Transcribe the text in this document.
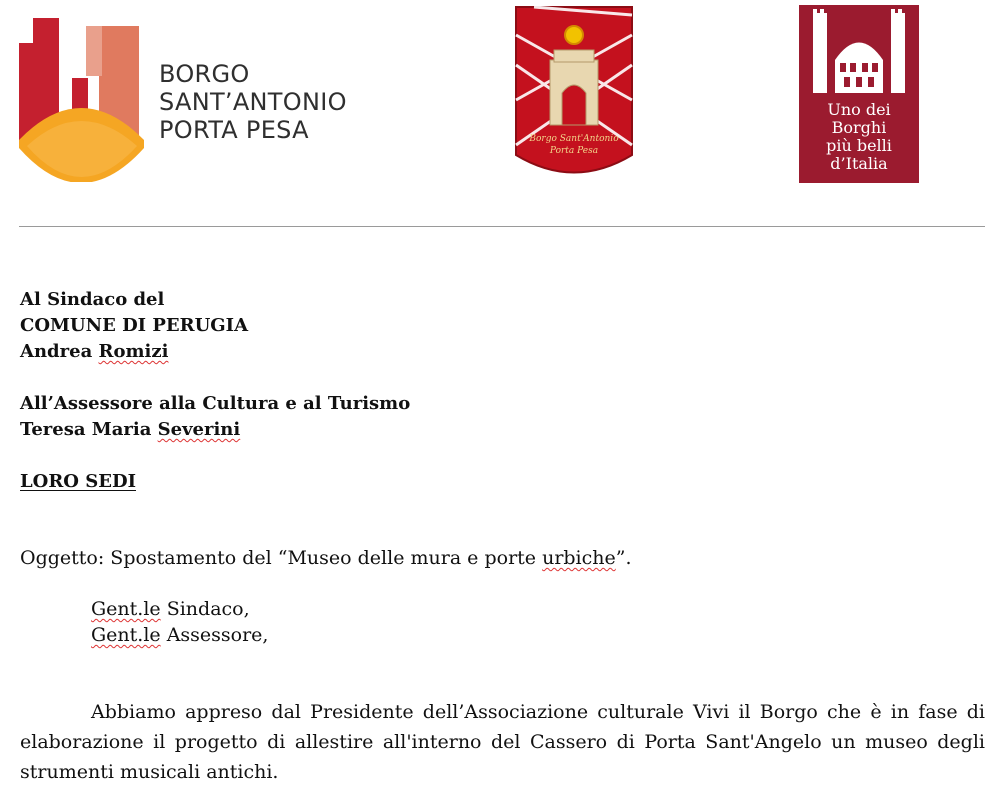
BORGO
SANT’ANTONIO
PORTA PESA	Borgo Sant'Antonio
Porta Pesa
Uno dei
Borghi
più belli
d’Italia
Al Sindaco del
COMUNE DI PERUGIA
Andrea Romizi
All’Assessore alla Cultura e al Turismo
Teresa Maria Severini
LORO SEDI
Oggetto: Spostamento del “Museo delle mura e porte urbiche”.
Gent.le Sindaco,
Gent.le Assessore,
Abbiamo appreso dal Presidente dell’Associazione culturale Vivi il Borgo che è in fase di elaborazione il progetto di allestire all'interno del Cassero di Porta Sant'Angelo un museo degli strumenti musicali antichi.
